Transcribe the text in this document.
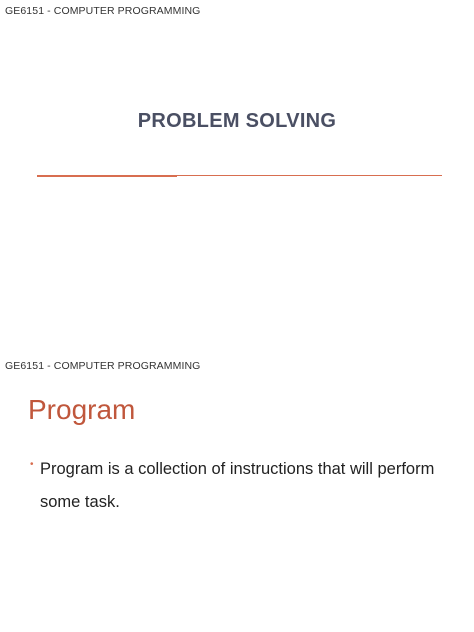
GE6151 - COMPUTER PROGRAMMING
PROBLEM SOLVING
GE6151 - COMPUTER PROGRAMMING
Program
• Program is a collection of instructions that will perform
some task.
